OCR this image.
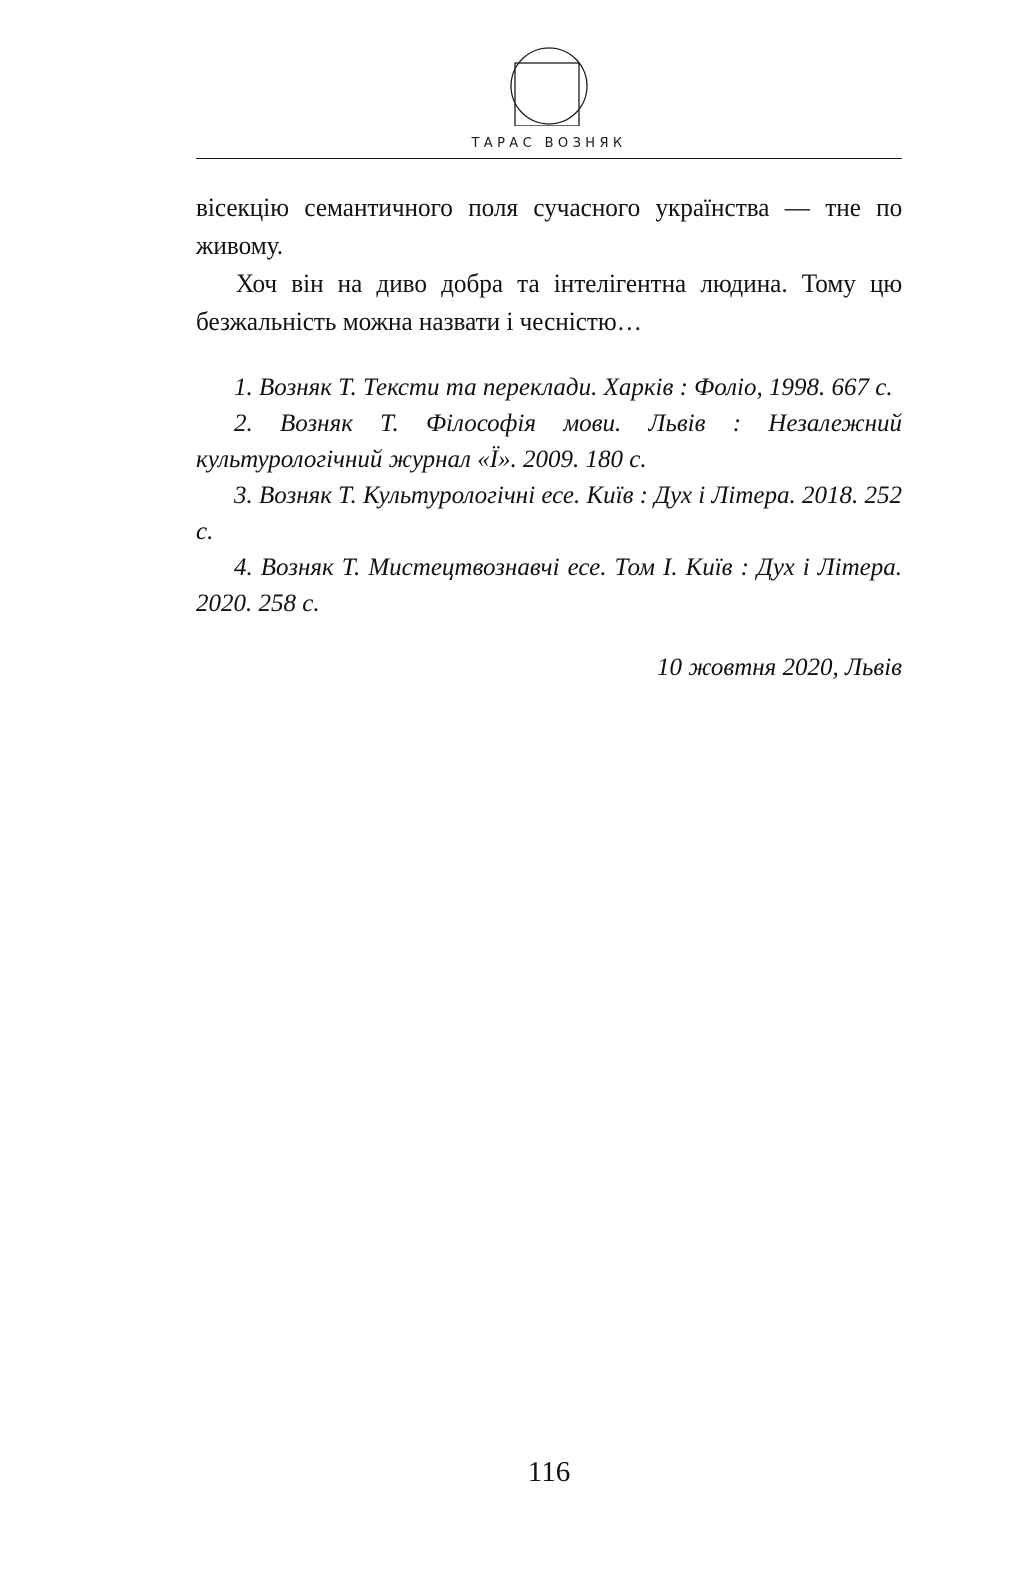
ТАРАС ВОЗНЯК

вісекцію семантичного поля сучасного українства — тне по живому.

Хоч він на диво добра та інтелігентна людина. Тому цю безжальність можна назвати і чесністю…

1. Возняк Т. Тексти та переклади. Харків : Фоліо, 1998. 667 с.

2. Возняк Т. Філософія мови. Львів : Незалежний культурологічний журнал «Ї». 2009. 180 с.

3. Возняк Т. Культурологічні есе. Київ : Дух і Літера. 2018. 252 с.

4. Возняк Т. Мистецтвознавчі есе. Том І. Київ : Дух і Літера. 2020. 258 с.

10 жовтня 2020, Львів

116
